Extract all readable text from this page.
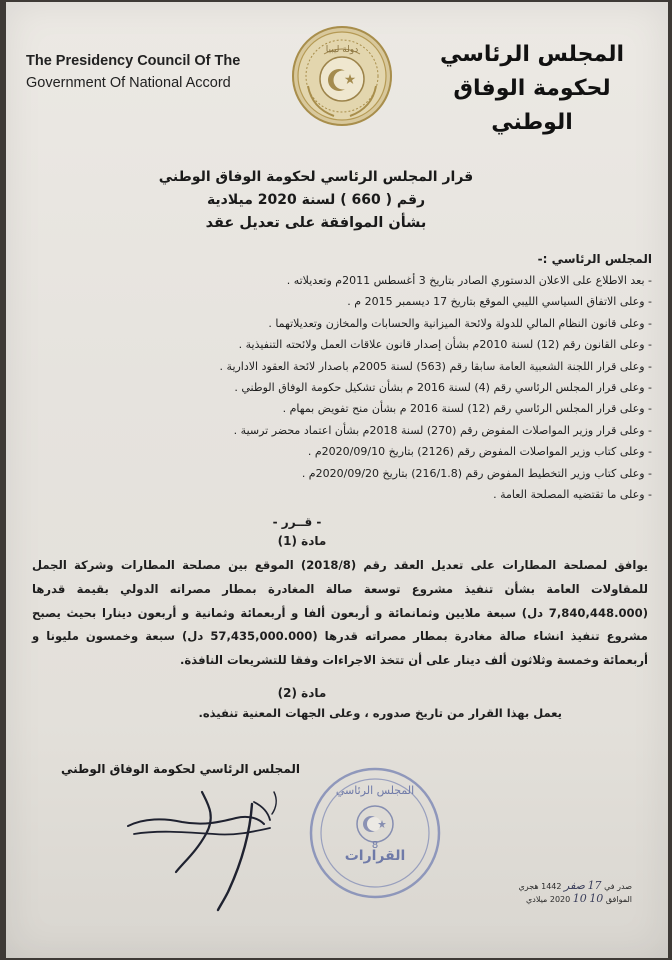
The Presidency Council Of The
Government Of National Accord
دولة ليبيا	المجلس الرئاسي
لحكومة الوفاق الوطني
قرار المجلس الرئاسي لحكومة الوفاق الوطني
رقم ( 660 ) لسنة 2020 ميلادية
بشأن الموافقة على تعديل عقد
المجلس الرئاسي :-
- بعد الاطلاع على الاعلان الدستوري الصادر بتاريخ 3 أغسطس 2011م وتعديلاته .
- وعلى الاتفاق السياسي الليبي الموقع بتاريخ 17 ديسمبر 2015 م .
- وعلى قانون النظام المالي للدولة ولائحة الميزانية والحسابات والمخازن وتعديلاتهما .
- وعلى القانون رقم (12) لسنة 2010م بشأن إصدار قانون علاقات العمل ولائحته التنفيذية .
- وعلى قرار اللجنة الشعبية العامة سابقا رقم (563) لسنة 2005م باصدار لائحة العقود الادارية .
- وعلى قرار المجلس الرئاسي رقم (4) لسنة 2016 م بشأن تشكيل حكومة الوفاق الوطني .
- وعلى قرار المجلس الرئاسي رقم (12) لسنة 2016 م بشأن منح تفويض بمهام .
- وعلى قرار وزير المواصلات المفوض رقم (270) لسنة 2018م بشأن اعتماد محضر ترسية .
- وعلى كتاب وزير المواصلات المفوض رقم (2126) بتاريخ 2020/09/10م .
- وعلى كتاب وزير التخطيط المفوض رقم (216/1.8) بتاريخ 2020/09/20م .
- وعلى ما تقتضيه المصلحة العامة .
- قــرر -
مادة (1)
يوافق لمصلحة المطارات على تعديل العقد رقم (2018/8) الموقع بين مصلحة المطارات وشركة الجمل للمقاولات العامة بشأن تنفيذ مشروع توسعة صالة المغادرة بمطار مصراته الدولي بقيمة قدرها (7,840,448.000 دل) سبعة ملايين وثمانمائة و أربعون ألفا و أربعمائة وثمانية و أربعون دينارا بحيث يصبح مشروع تنفيذ انشاء صالة مغادرة بمطار مصراته قدرها (57,435,000.000 دل) سبعة وخمسون مليونا و أربعمائة وخمسة وثلاثون ألف دينار على أن تتخذ الاجراءات وفقا للتشريعات النافذة.
مادة (2)
يعمل بهذا القرار من تاريخ صدوره ، وعلى الجهات المعنية تنفيذه.
المجلس الرئاسي لحكومة الوفاق الوطني
المجلس الرئاسي
القرارات
8
صدر في 17 صفر 1442 هجري
الموافق 10 10 2020 ميلادي
